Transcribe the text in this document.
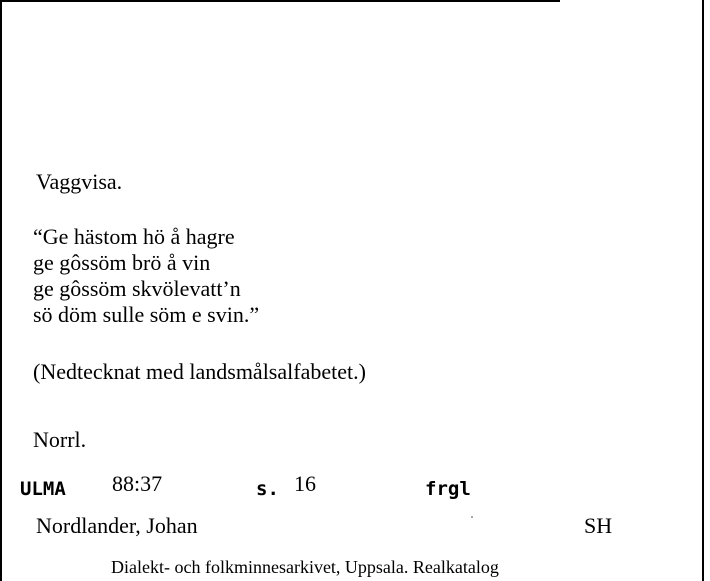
Vaggvisa.
“Ge hästom hö å hagre
ge gôssöm brö å vin
ge gôssöm skvölevatt’n
sö döm sulle söm e svin.”
(Nedtecknat med landsmålsalfabetet.)
Norrl.
ULMA 88:37	s. 16	frgl
Nordlander, Johan	SH
Dialekt- och folkminnesarkivet, Uppsala. Realkatalog
